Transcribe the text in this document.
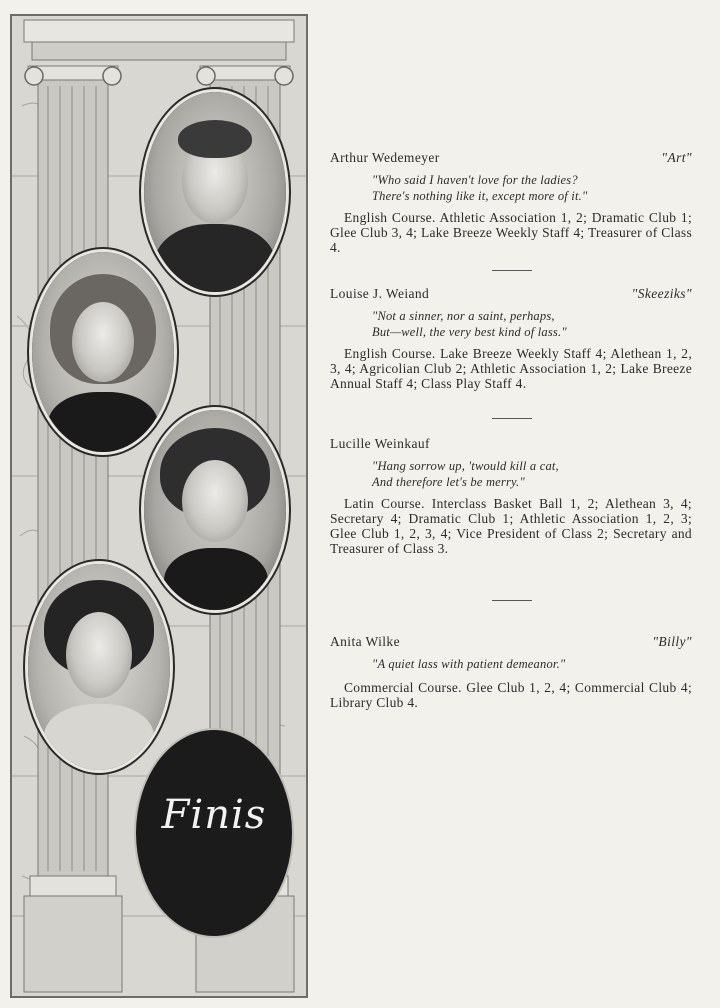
Finis
Arthur Wedemeyer	"Art"
"Who said I haven't love for the ladies?
There's nothing like it, except more of it."
English Course. Athletic Association 1, 2; Dramatic Club 1; Glee Club 3, 4; Lake Breeze Weekly Staff 4; Treasurer of Class 4.
Louise J. Weiand	"Skeeziks"
"Not a sinner, nor a saint, perhaps,
But—well, the very best kind of lass."
English Course. Lake Breeze Weekly Staff 4; Alethean 1, 2, 3, 4; Agricolian Club 2; Athletic Association 1, 2; Lake Breeze Annual Staff 4; Class Play Staff 4.
Lucille Weinkauf
"Hang sorrow up, 'twould kill a cat,
And therefore let's be merry."
Latin Course. Interclass Basket Ball 1, 2; Alethean 3, 4; Secretary 4; Dramatic Club 1; Athletic Association 1, 2, 3; Glee Club 1, 2, 3, 4; Vice President of Class 2; Secretary and Treasurer of Class 3.
Anita Wilke	"Billy"
"A quiet lass with patient demeanor."
Commercial Course. Glee Club 1, 2, 4; Commercial Club 4; Library Club 4.
